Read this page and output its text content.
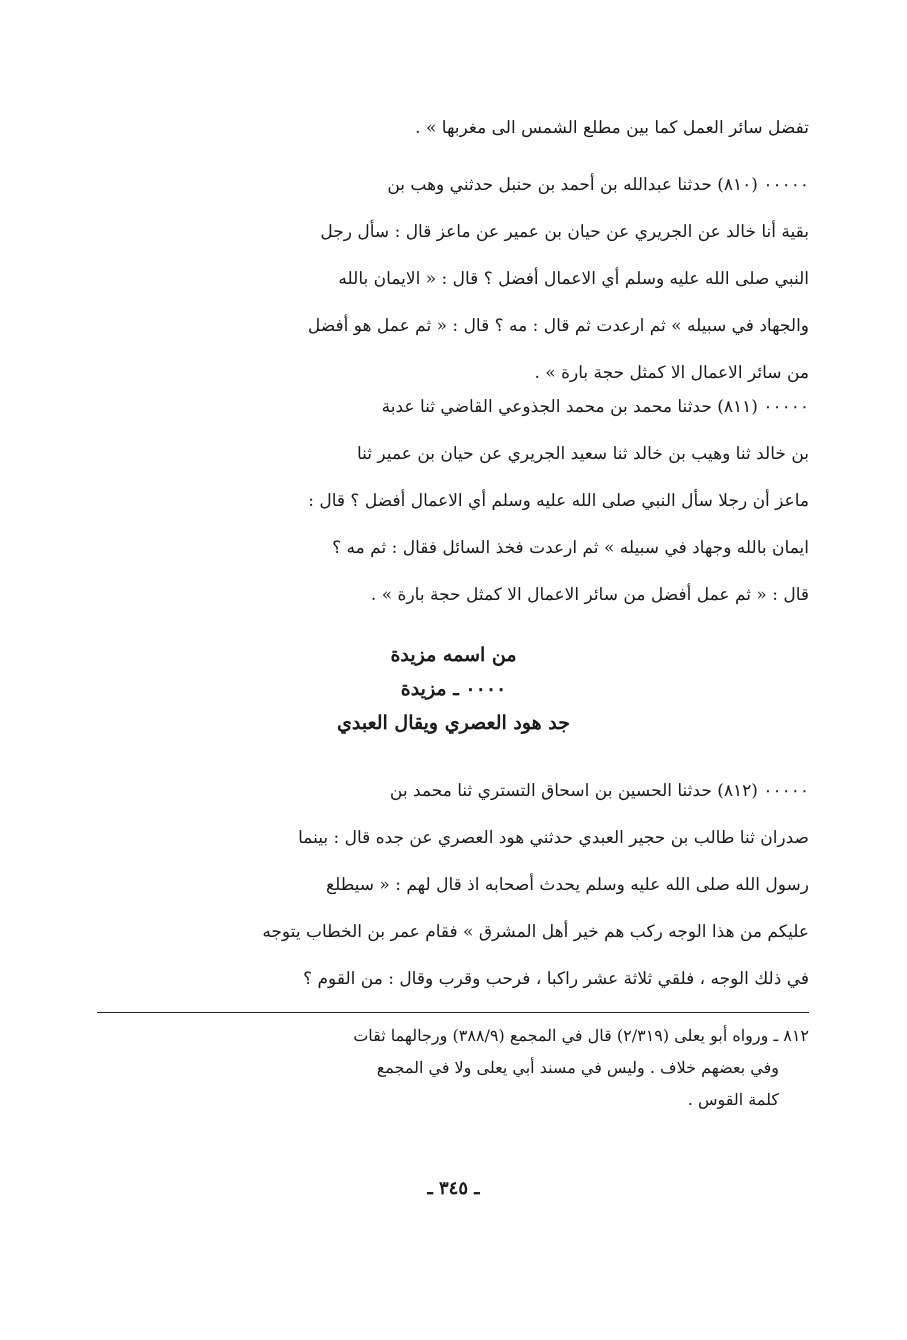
تفضل سائر العمل كما بين مطلع الشمس الى مغربها » .
٠٠٠٠٠ (٨١٠) حدثنا عبدالله بن أحمد بن حنبل حدثني وهب بن
بقية أنا خالد عن الجريري عن حيان بن عمير عن ماعز قال : سأل رجل
النبي صلى الله عليه وسلم أي الاعمال أفضل ؟ قال : « الايمان بالله
والجهاد في سبيله » ثم ارعدت ثم قال : مه ؟ قال : « ثم عمل هو أفضل
من سائر الاعمال الا كمثل حجة بارة » .
٠٠٠٠٠ (٨١١) حدثنا محمد بن محمد الجذوعي القاضي ثنا عدبة
بن خالد ثنا وهيب بن خالد ثنا سعيد الجريري عن حيان بن عمير ثنا
ماعز أن رجلا سأل النبي صلى الله عليه وسلم أي الاعمال أفضل ؟ قال :
ايمان بالله وجهاد في سبيله » ثم ارعدت فخذ السائل فقال : ثم مه ؟
قال : « ثم عمل أفضل من سائر الاعمال الا كمثل حجة بارة » .
من اسمه مزيدة
٠٠٠٠ ـ مزيدة
جد هود العصري ويقال العبدي
٠٠٠٠٠ (٨١٢) حدثنا الحسين بن اسحاق التستري ثنا محمد بن
صدران ثنا طالب بن حجير العبدي حدثني هود العصري عن جده قال : بينما
رسول الله صلى الله عليه وسلم يحدث أصحابه اذ قال لهم : « سيطلع
عليكم من هذا الوجه ركب هم خير أهل المشرق » فقام عمر بن الخطاب يتوجه
في ذلك الوجه ، فلقي ثلاثة عشر راكبا ، فرحب وقرب وقال : من القوم ؟
٨١٢ ـ ورواه أبو يعلى (٢/٣١٩) قال في المجمع (٣٨٨/٩) ورجالهما ثقات
وفي بعضهم خلاف . وليس في مسند أبي يعلى ولا في المجمع
كلمة القوس .
ـ ٣٤٥ ـ
